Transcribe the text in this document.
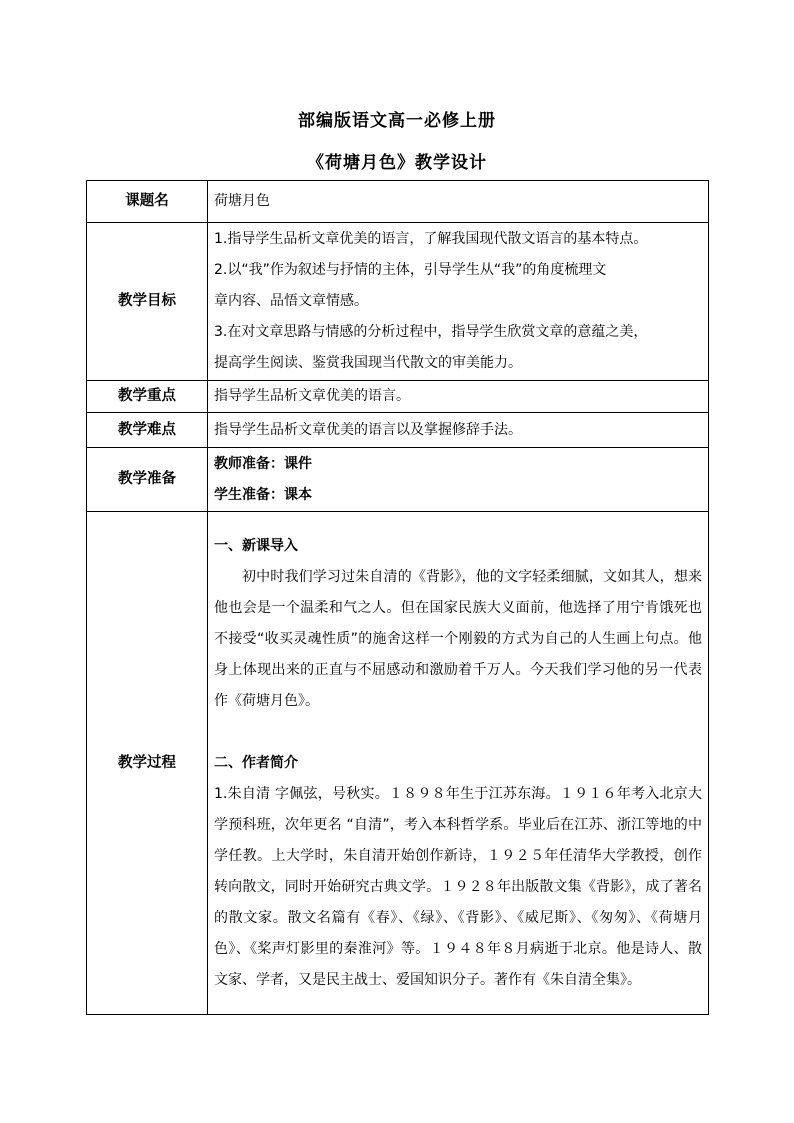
部编版语文高一必修上册
《荷塘月色》教学设计
课题名	荷塘月色
教学目标	1.指导学生品析文章优美的语言，了解我国现代散文语言的基本特点。
2.以“我”作为叙述与抒情的主体，引导学生从“我”的角度梳理文
章内容、品悟文章情感。
3.在对文章思路与情感的分析过程中，指导学生欣赏文章的意蕴之美，
提高学生阅读、鉴赏我国现当代散文的审美能力。

教学重点	指导学生品析文章优美的语言。
教学难点	指导学生品析文章优美的语言以及掌握修辞手法。
教学准备	教师准备：课件
学生准备：课本

教学过程	一、新课导入
初中时我们学习过朱自清的《背影》，他的文字轻柔细腻，文如其人，想来他也会是一个温柔和气之人。但在国家民族大义面前，他选择了用宁肯饿死也不接受“收买灵魂性质”的施舍这样一个刚毅的方式为自己的人生画上句点。他身上体现出来的正直与不屈感动和激励着千万人。今天我们学习他的另一代表作《荷塘月色》。
二、作者简介
1.朱自清 字佩弦，号秋实。１８９８年生于江苏东海。１９１６年考入北京大学预科班，次年更名 “自清”，考入本科哲学系。毕业后在江苏、浙江等地的中学任教。上大学时，朱自清开始创作新诗，１９２５年任清华大学教授，创作转向散文，同时开始研究古典文学。１９２８年出版散文集《背影》，成了著名的散文家。散文名篇有《春》、《绿》、《背影》、《威尼斯》、《匆匆》、《荷塘月色》、《桨声灯影里的秦淮河》等。１９４８年８月病逝于北京。他是诗人、散文家、学者，又是民主战士、爱国知识分子。著作有《朱自清全集》。
